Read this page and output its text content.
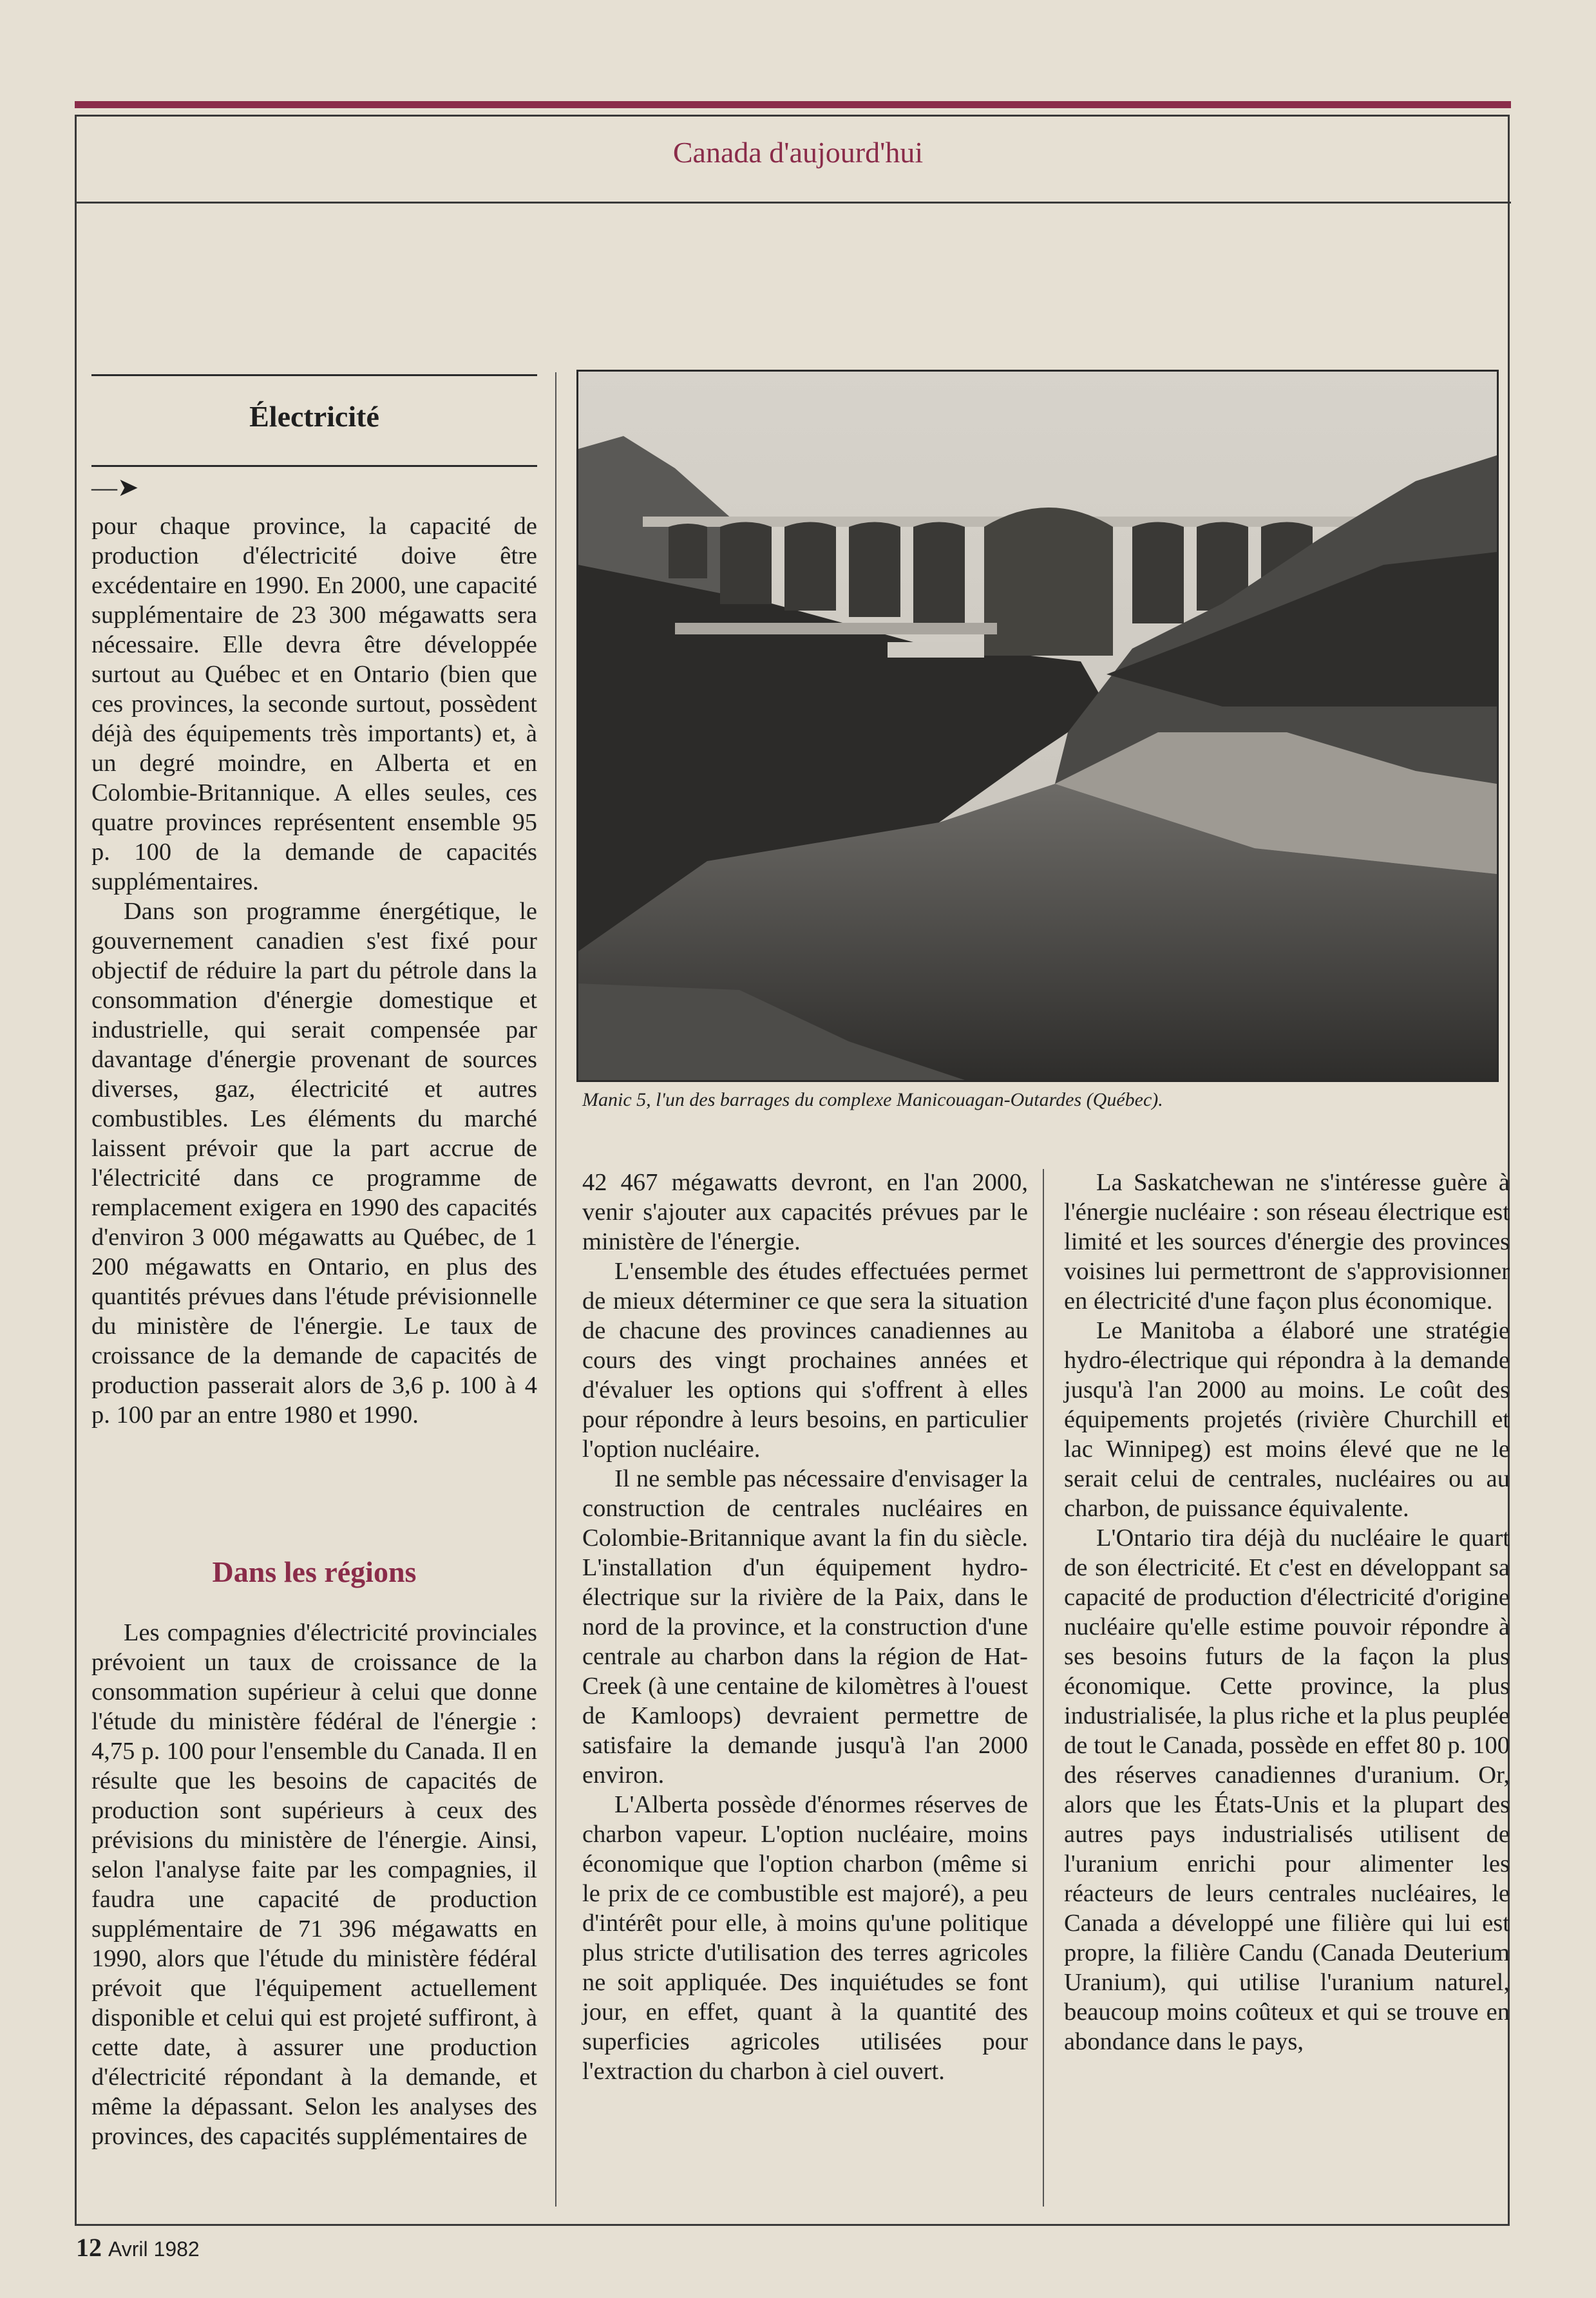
Canada d'aujourd'hui
Électricité
—➤

pour chaque province, la capacité de production d'électricité doive être excédentaire en 1990. En 2000, une capacité supplémentaire de 23 300 mégawatts sera nécessaire. Elle devra être développée surtout au Québec et en Ontario (bien que ces provinces, la seconde surtout, possèdent déjà des équipements très importants) et, à un degré moindre, en Alberta et en Colombie-Britannique. A elles seules, ces quatre provinces représentent ensemble 95 p. 100 de la demande de capacités supplémentaires.

Dans son programme énergétique, le gouvernement canadien s'est fixé pour objectif de réduire la part du pétrole dans la consommation d'énergie domestique et industrielle, qui serait compensée par davantage d'énergie provenant de sources diverses, gaz, électricité et autres combustibles. Les éléments du marché laissent prévoir que la part accrue de l'électricité dans ce programme de remplacement exigera en 1990 des capacités d'environ 3 000 mégawatts au Québec, de 1 200 mégawatts en Ontario, en plus des quantités prévues dans l'étude prévisionnelle du ministère de l'énergie. Le taux de croissance de la demande de capacités de production passerait alors de 3,6 p. 100 à 4 p. 100 par an entre 1980 et 1990.

Dans les régions

Les compagnies d'électricité provinciales prévoient un taux de croissance de la consommation supérieur à celui que donne l'étude du ministère fédéral de l'énergie : 4,75 p. 100 pour l'ensemble du Canada. Il en résulte que les besoins de capacités de production sont supérieurs à ceux des prévisions du ministère de l'énergie. Ainsi, selon l'analyse faite par les compagnies, il faudra une capacité de production supplémentaire de 71 396 mégawatts en 1990, alors que l'étude du ministère fédéral prévoit que l'équipement actuellement disponible et celui qui est projeté suffiront, à cette date, à assurer une production d'électricité répondant à la demande, et même la dépassant. Selon les analyses des provinces, des capacités supplémentaires de

Manic 5, l'un des barrages du complexe Manicouagan-Outardes (Québec).

42 467 mégawatts devront, en l'an 2000, venir s'ajouter aux capacités prévues par le ministère de l'énergie.

L'ensemble des études effectuées permet de mieux déterminer ce que sera la situation de chacune des provinces canadiennes au cours des vingt prochaines années et d'évaluer les options qui s'offrent à elles pour répondre à leurs besoins, en particulier l'option nucléaire.

Il ne semble pas nécessaire d'envisager la construction de centrales nucléaires en Colombie-Britannique avant la fin du siècle. L'installation d'un équipement hydro-électrique sur la rivière de la Paix, dans le nord de la province, et la construction d'une centrale au charbon dans la région de Hat-Creek (à une centaine de kilomètres à l'ouest de Kamloops) devraient permettre de satisfaire la demande jusqu'à l'an 2000 environ.

L'Alberta possède d'énormes réserves de charbon vapeur. L'option nucléaire, moins économique que l'option charbon (même si le prix de ce combustible est majoré), a peu d'intérêt pour elle, à moins qu'une politique plus stricte d'utilisation des terres agricoles ne soit appliquée. Des inquiétudes se font jour, en effet, quant à la quantité des superficies agricoles utilisées pour l'extraction du charbon à ciel ouvert.

La Saskatchewan ne s'intéresse guère à l'énergie nucléaire : son réseau électrique est limité et les sources d'énergie des provinces voisines lui permettront de s'approvisionner en électricité d'une façon plus économique.

Le Manitoba a élaboré une stratégie hydro-électrique qui répondra à la demande jusqu'à l'an 2000 au moins. Le coût des équipements projetés (rivière Churchill et lac Winnipeg) est moins élevé que ne le serait celui de centrales, nucléaires ou au charbon, de puissance équivalente.

L'Ontario tira déjà du nucléaire le quart de son électricité. Et c'est en développant sa capacité de production d'électricité d'origine nucléaire qu'elle estime pouvoir répondre à ses besoins futurs de la façon la plus économique. Cette province, la plus industrialisée, la plus riche et la plus peuplée de tout le Canada, possède en effet 80 p. 100 des réserves canadiennes d'uranium. Or, alors que les États-Unis et la plupart des autres pays industrialisés utilisent de l'uranium enrichi pour alimenter les réacteurs de leurs centrales nucléaires, le Canada a développé une filière qui lui est propre, la filière Candu (Canada Deuterium Uranium), qui utilise l'uranium naturel, beaucoup moins coûteux et qui se trouve en abondance dans le pays,

12 Avril 1982
